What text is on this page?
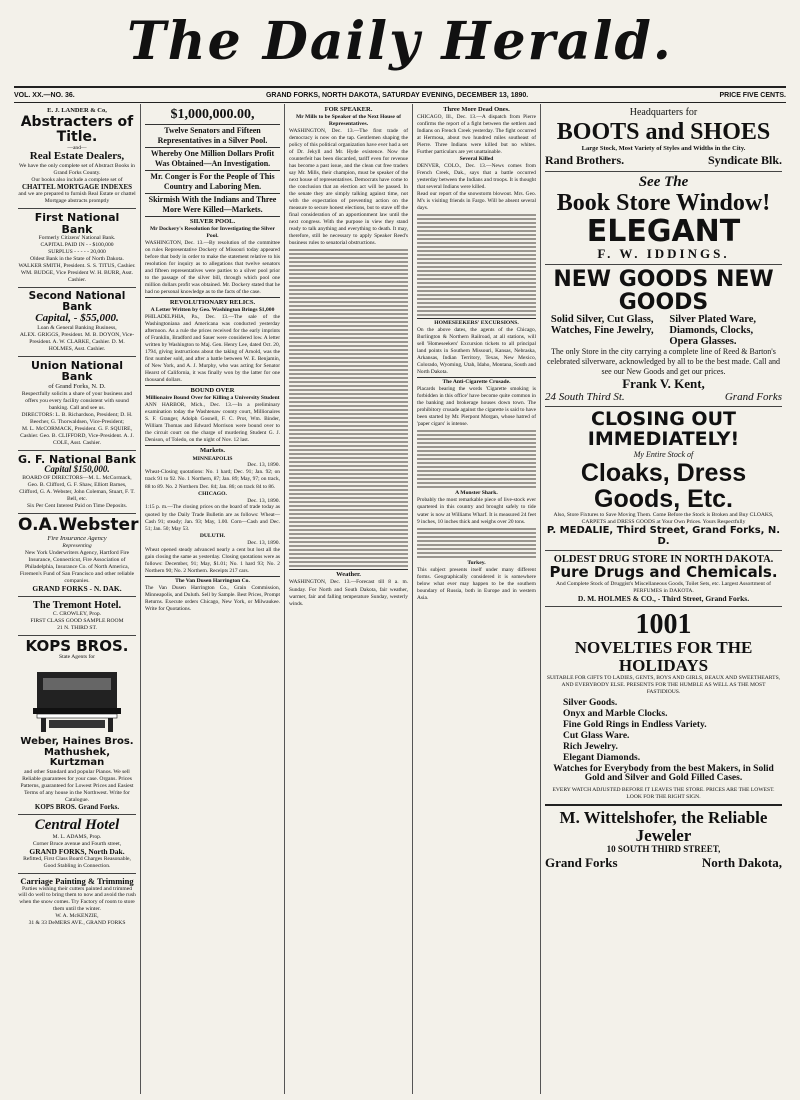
The Daily Herald.
VOL. XX.—NO. 36.	GRAND FORKS, NORTH DAKOTA, SATURDAY EVENING, DECEMBER 13, 1890.	PRICE FIVE CENTS.
E. J. LANDER & Co,
Abstracters of Title.
—and—
Real Estate Dealers,
We have the only complete set of Abstract Books in Grand Forks County.
Our books also include a complete set of
CHATTEL MORTGAGE INDEXES
and we are prepared to furnish Real Estate or chattel Mortgage abstracts promptly
First National Bank
Formerly Citizens' National Bank.
CAPITAL PAID IN - - $100,000
SURPLUS - - - - - 20,000
Oldest Bank in the State of North Dakota.
WALKER SMITH, President. S. S. TITUS, Cashier. WM. BUDGE, Vice President W. H. BURR, Asst. Cashier.
Second National Bank
Capital, - $55,000.
Loan & General Banking Business,
ALEX. GRIGGS, President. M. B. DOYON, Vice-President. A. W. CLARKE, Cashier. D. M. HOLMES, Asst. Cashier.
Union National Bank
of Grand Forks, N. D.
Respectfully solicits a share of your business and offers you every facility consistent with sound banking. Call and see us.
DIRECTORS: L. B. Richardson, President; D. H. Beecher, G. Thorwaldsen, Vice-President;
M. L. McCORMACK, President. G. F. SQUIRE, Cashier. Geo. B. CLIFFORD, Vice-President. A. J. COLE, Asst. Cashier.
G. F. National Bank
Capital $150,000.
BOARD OF DIRECTORS—M. L. McCormack, Geo. B. Clifford, G. F. Shaw, Elliott Barnes, Clifford, G. A. Webster, John Coleman, Stuart, F. T. Bell, etc.
Six Per Cent Interest Paid on Time Deposits.
O.A.Webster
Fire Insurance Agency
Representing
New York Underwriters Agency, Hartford Fire Insurance, Connecticut, Fire Association of Philadelphia, Insurance Co. of North America, Firemen's Fund of San Francisco and other reliable companies.
GRAND FORKS - N. DAK.
The Tremont Hotel.
C. CROWLEY, Prop.
FIRST CLASS GOOD SAMPLE ROOM
21 N. THIRD ST.
KOPS BROS.
State Agents for
Weber, Haines Bros. Mathushek, Kurtzman
and other Standard and popular Pianos. We sell Reliable guarantees for your case. Organs. Prices Patterns, guaranteed for Lowest Prices and Easiest Terms of any house in the Northwest. Write for Catalogue.
KOPS BROS. Grand Forks.
Central Hotel
M. L. ADAMS, Prop.
Corner Bruce avenue and Fourth street,
GRAND FORKS, North Dak.
Refitted, First Class Board Charges Reasonable, Good Stabling in Connection.
Carriage Painting & Trimming
Parties wishing their cutters painted and trimmed will do well to bring them to now and avoid the rush when the snow comes. Try Factory of room to store them until the winter.
W. A. McKENZIE,
31 & 33 DeMERS AVE., GRAND FORKS
$1,000,000.00,
Twelve Senators and Fifteen Representatives in a Silver Pool.
Whereby One Million Dollars Profit Was Obtained—An Investigation.
Mr. Conger is For the People of This Country and Laboring Men.
Skirmish With the Indians and Three More Were Killed—Markets.
SILVER POOL.
Mr Dockery's Resolution for Investigating the Silver Pool.
WASHINGTON, Dec. 13.—By resolution of the committee on rules Representative Dockery of Missouri today appeared before that body in order to make the statement relative to his resolution for inquiry as to allegations that twelve senators and fifteen representatives were parties to a silver pool prior to the passage of the silver bill, through which pool one million dollars profit was obtained. Mr. Dockery stated that he had no personal knowledge as to the facts of the case.
REVOLUTIONARY RELICS.
A Letter Written by Geo. Washington Brings $1,000
PHILADELPHIA, Pa., Dec. 13.—The sale of the Washingtoniana and Americana was conducted yesterday afternoon. As a rule the prices received for the early imprints of Franklin, Bradford and Sauer were considered low. A letter written by Washington to Maj. Gen. Henry Lee, dated Oct. 20, 1794, giving instructions about the taking of Arnold, was the first number sold, and after a battle between W. E. Benjamin, of New York, and A. J. Murphy, who was acting for Senator Hearst of California, it was finally won by the latter for one thousand dollars.
BOUND OVER
Millionaire Bound Over for Killing a University Student
ANN HARBOR, Mich., Dec. 13.—In a preliminary examination today the Washtenaw county court, Millionaires S. F. Granger, Adolph Gosnell, F. C. Prot, Wm. Binder, William Thomas and Edward Morrison were bound over to the circuit court on the charge of murdering Student G. J. Denison, of Toledo, on the night of Nov. 12 last.
Markets.
MINNEAPOLIS
Dec. 13, 1890.
Wheat-Closing quotations: No. 1 hard; Dec. 91; Jan. 92; on track 91 to 92. No. 1 Northern, 87; Jan. 89; May, 97; on track, 88 to 89. No. 2 Northern Dec. 84; Jan. 86; on track 84 to 86.
CHICAGO.
Dec. 13, 1890.
1:15 p. m.—The closing prices on the board of trade today as quoted by the Daily Trade Bulletin are as follows: Wheat—Cash 91; steady; Jan. 93; May, 1.00. Corn—Cash and Dec. 51; Jan. 50; May 53.
DULUTH.
Dec. 13, 1890.
Wheat opened steady advanced nearly a cent but lost all the gain closing the same as yesterday. Closing quotations were as follows: December, 91; May, $1.01; No. 1 hard 93; No. 2 Northern 90; No. 2 Northern. Receipts 217 cars.
The Van Dusen Harrington Co.
The Van Dusen Harrington Co., Grain Commission, Minneapolis, and Duluth. Sell by Sample. Best Prices, Prompt Returns. Execute orders Chicago, New York, or Milwaukee. Write for Quotations.
FOR SPEAKER.
Mr Mills to be Speaker of the Next House of Representatives.
WASHINGTON, Dec. 13.—The first trade of democracy is now on the tap. Gentlemen shaping the policy of this political organization have ever had a set of Dr. Jekyll and Mr. Hyde existence. Now the counterfeit has been discarded, tariff even for revenue has become a past issue, and the clean cut free traders say Mr. Mills, their champion, must be speaker of the next house of representatives. Democrats have come to the conclusion that an election act will be passed. In the senate they are simply talking against time, not with the expectation of preventing action on the measure to secure honest elections, but to stave off the final consideration of an apportionment law until the next congress. With the purpose in view they stand ready to talk anything and everything to death. It may, therefore, still be necessary to apply Speaker Reed's business rules to senatorial obstructions.
Weather.
WASHINGTON, Dec. 13.—Forecast till 8 a. m. Sunday. For North and South Dakota, fair weather, warmer, fair and falling temperature Sunday, westerly winds.
Three More Dead Ones.
CHICAGO, Ill., Dec. 13.—A dispatch from Pierre confirms the report of a fight between the settlers and Indians on French Creek yesterday. The fight occurred at Hermosa, about two hundred miles southeast of Pierre. Three Indians were killed but no whites. Further particulars are yet unattainable.
Several Killed
DENVER, COLO., Dec. 13.—News comes from French Creek, Dak., says that a battle occurred yesterday between the Indians and troops. It is thought that several Indians were killed.
Read our report of the snowstorm blowout. Mrs. Geo. M's is visiting friends in Fargo. Will be absent several days.
HOMESEEKERS' EXCURSIONS.
On the above dates, the agents of the Chicago, Burlington & Northern Railroad, at all stations, will sell 'Homeseekers' Excursion tickets to all principal land points in Southern Missouri, Kansas, Nebraska, Arkansas, Indian Territory, Texas, New Mexico, Colorado, Wyoming, Utah, Idaho, Montana, South and North Dakota.
The Anti-Cigarette Crusade.
Placards bearing the words 'Cigarette smoking is forbidden in this office' have become quite common in the banking and brokerage houses down town. The prohibitory crusade against the cigarette is said to have been started by Mr. Pierpont Morgan, whose hatred of 'paper cigars' is intense.
A Monster Shark.
Probably the most remarkable piece of live-stock ever quartered in this country and brought safely to tide water is now at Williams Wharf. It is measured 24 feet 9 inches, 10 inches thick and weighs over 20 tons.
Turkey.
This subject presents itself under many different forms. Geographically considered it is somewhere below what ever may happen to be the southern boundary of Russia, both in Europe and in western Asia.
Headquarters for
BOOTS and SHOES
Large Stock, Most Variety of Styles and Widths in the City.
Rand Brothers.	Syndicate Blk.
See The
Book Store Window!
ELEGANT
F. W. IDDINGS.
NEW GOODS NEW GOODS
Solid Silver, Cut Glass, Watches, Fine Jewelry,
Silver Plated Ware, Diamonds, Clocks, Opera Glasses.
The only Store in the city carrying a complete line of Reed & Barton's celebrated silverware, acknowledged by all to be the best made. Call and see our New Goods and get our prices.
Frank V. Kent,
24 South Third St.	Grand Forks
CLOSING OUT IMMEDIATELY!
My Entire Stock of
Cloaks, Dress Goods, Etc.
Also, Store Fixtures to Save Moving Them. Come Before the Stock is Broken and Buy CLOAKS, CARPETS and DRESS GOODS at Your Own Prices. Yours Respectfully
P. MEDALIE, Third Street, Grand Forks, N. D.
OLDEST DRUG STORE IN NORTH DAKOTA.
Pure Drugs and Chemicals.
And Complete Stock of Druggist's Miscellaneous Goods, Toilet Sets, etc. Largest Assortment of PERFUMES in DAKOTA.
D. M. HOLMES & CO., - Third Street, Grand Forks.
1001
NOVELTIES FOR THE HOLIDAYS
SUITABLE FOR GIFTS TO LADIES, GENTS, BOYS AND GIRLS, BEAUX AND SWEETHEARTS, AND EVERYBODY ELSE. PRESENTS FOR THE HUMBLE AS WELL AS THE MOST FASTIDIOUS.
Silver Goods.
Onyx and Marble Clocks.
Fine Gold Rings in Endless Variety.
Cut Glass Ware.
Rich Jewelry.
Elegant Diamonds.
Watches for Everybody from the best Makers, in Solid Gold and Silver and Gold Filled Cases.
EVERY WATCH ADJUSTED BEFORE IT LEAVES THE STORE. PRICES ARE THE LOWEST. LOOK FOR THE RIGHT SIGN.
M. Wittelshofer, the Reliable Jeweler
10 SOUTH THIRD STREET,
Grand Forks	North Dakota,
